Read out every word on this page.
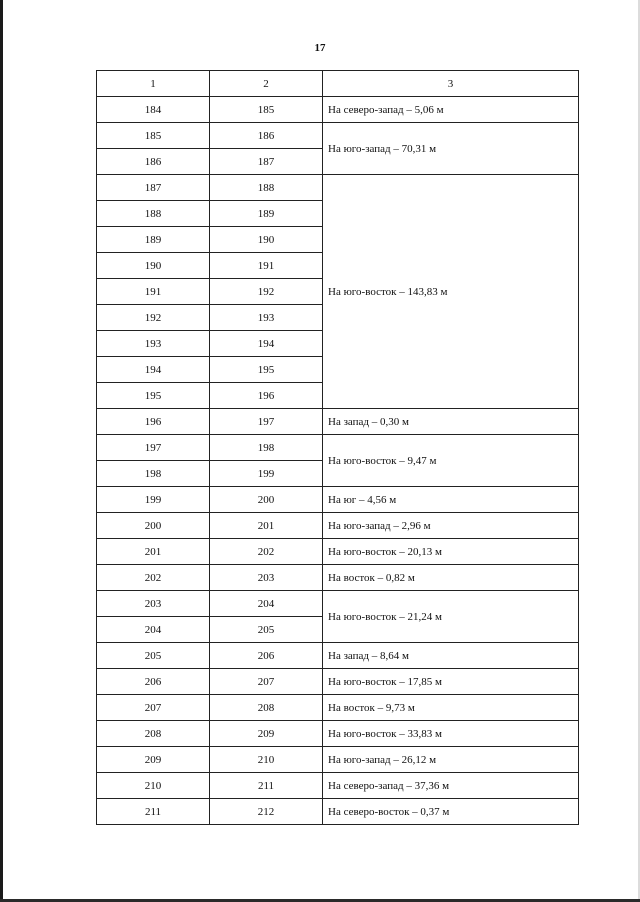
17
1	2	3
184	185	На северо-запад – 5,06 м
185	186	На юго-запад – 70,31 м
186	187	
187	188	На юго-восток – 143,83 м
188	189	
189	190	
190	191	
191	192	
192	193	
193	194	
194	195	
195	196	
196	197	На запад – 0,30 м
197	198	На юго-восток – 9,47 м
198	199	
199	200	На юг – 4,56 м
200	201	На юго-запад – 2,96 м
201	202	На юго-восток – 20,13 м
202	203	На восток – 0,82 м
203	204	На юго-восток – 21,24 м
204	205	
205	206	На запад – 8,64 м
206	207	На юго-восток – 17,85 м
207	208	На восток – 9,73 м
208	209	На юго-восток – 33,83 м
209	210	На юго-запад – 26,12 м
210	211	На северо-запад – 37,36 м
211	212	На северо-восток – 0,37 м
